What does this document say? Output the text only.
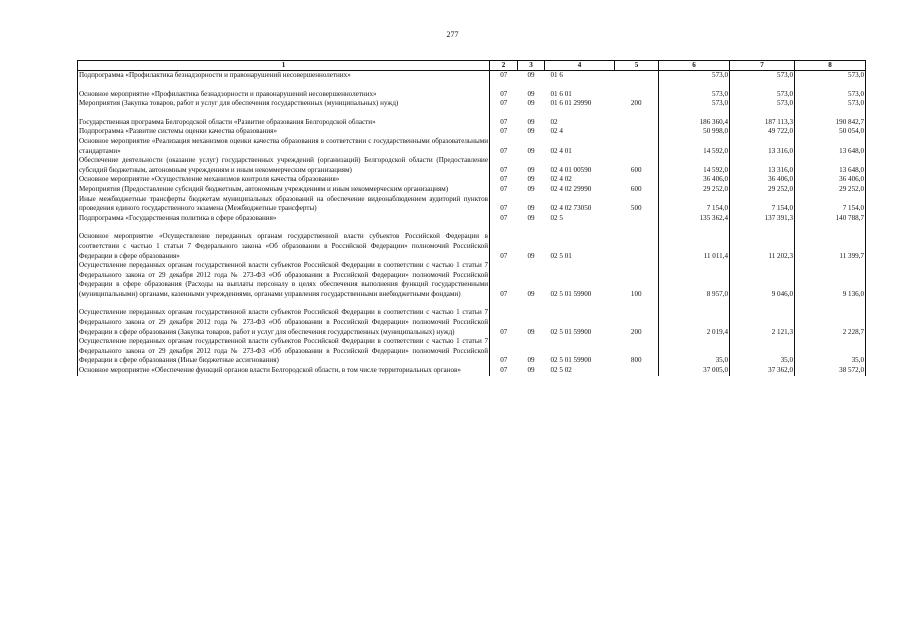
277
1	2	3	4	5	6	7	8
Подпрограмма «Профилактика безнадзорности и правонарушений несовершеннолетних»	07	09	01 6		573,0	573,0	573,0

Основное мероприятие «Профилактика безнадзорности и правонарушений несовершеннолетних»	07	09	01 6 01		573,0	573,0	573,0
Мероприятия (Закупка товаров, работ и услуг для обеспечения государственных (муниципальных) нужд)	07	09	01 6 01 29990	200	573,0	573,0	573,0

Государственная программа Белгородской области «Развитие образования Белгородской области»	07	09	02		186 360,4	187 113,3	190 842,7
Подпрограмма «Развитие системы оценки качества образования»	07	09	02 4		50 998,0	49 722,0	50 054,0
Основное мероприятие «Реализация механизмов оценки качества образования в соответствии с государственными образовательными стандартами»	07	09	02 4 01		14 592,0	13 316,0	13 648,0
Обеспечение деятельности (оказание услуг) государственных учреждений (организаций) Белгородской области (Предоставление субсидий бюджетным, автономным учреждениям и иным некоммерческим организациям)	07	09	02 4 01 00590	600	14 592,0	13 316,0	13 648,0
Основное мероприятие «Осуществление механизмов контроля качества образования»	07	09	02 4 02		36 406,0	36 406,0	36 406,0
Мероприятия (Предоставление субсидий бюджетным, автономным учреждениям и иным некоммерческим организациям)	07	09	02 4 02 29990	600	29 252,0	29 252,0	29 252,0
Иные межбюджетные трансферты бюджетам муниципальных образований на обеспечение видеонаблюдением аудиторий пунктов проведения единого государственного экзамена (Межбюджетные трансферты)	07	09	02 4 02 73050	500	7 154,0	7 154,0	7 154,0
Подпрограмма «Государственная политика в сфере образования»	07	09	02 5		135 362,4	137 391,3	140 788,7

Основное мероприятие «Осуществление переданных органам государственной власти субъектов Российской Федерации в соответствии с частью 1 статьи 7 Федерального закона «Об образовании в Российской Федерации» полномочий Российской Федерации в сфере образования»	07	09	02 5 01		11 011,4	11 202,3	11 399,7
Осуществление переданных органам государственной власти субъектов Российской Федерации в соответствии с частью 1 статьи 7 Федерального закона от 29 декабря 2012 года № 273-ФЗ «Об образовании в Российской Федерации» полномочий Российской Федерации в сфере образования (Расходы на выплаты персоналу в целях обеспечения выполнения функций государственными (муниципальными) органами, казенными учреждениями, органами управления государственными внебюджетными фондами)	07	09	02 5 01 59900	100	8 957,0	9 046,0	9 136,0

Осуществление переданных органам государственной власти субъектов Российской Федерации в соответствии с частью 1 статьи 7 Федерального закона от 29 декабря 2012 года № 273-ФЗ «Об образовании в Российской Федерации» полномочий Российской Федерации в сфере образования (Закупка товаров, работ и услуг для обеспечения государственных (муниципальных) нужд)	07	09	02 5 01 59900	200	2 019,4	2 121,3	2 228,7
Осуществление переданных органам государственной власти субъектов Российской Федерации в соответствии с частью 1 статьи 7 Федерального закона от 29 декабря 2012 года № 273-ФЗ «Об образовании в Российской Федерации» полномочий Российской Федерации в сфере образования (Иные бюджетные ассигнования)	07	09	02 5 01 59900	800	35,0	35,0	35,0
Основное мероприятие «Обеспечение функций органов власти Белгородской области, в том числе территориальных органов»	07	09	02 5 02		37 005,0	37 362,0	38 572,0
